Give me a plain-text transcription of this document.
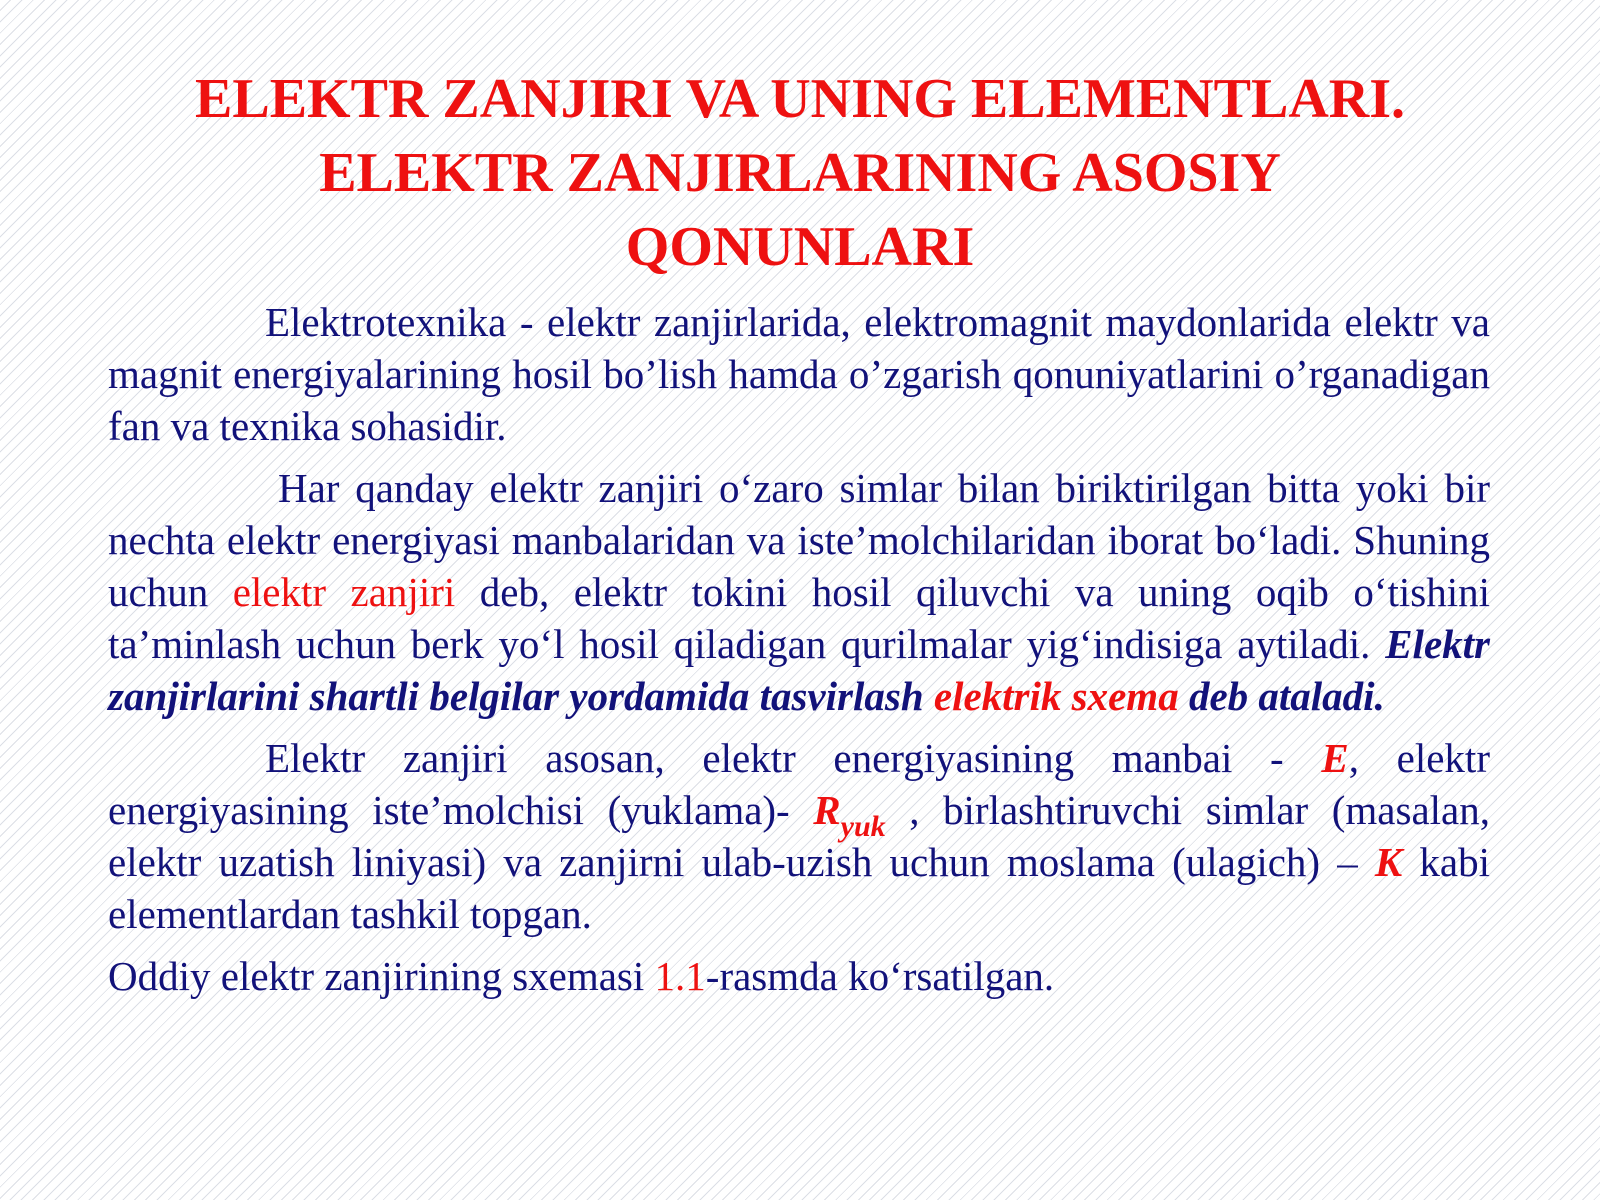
ELEKTR ZANJIRI VA UNING ELEMENTLARI.
ELEKTR ZANJIRLARINING ASOSIY
QONUNLARI

Elektrotexnika - elektr zanjirlarida, elektromagnit maydonlarida elektr va magnit energiyalarining hosil bo’lish hamda o’zgarish qonuniyatlarini o’rganadigan fan va texnika sohasidir.

Har qanday elektr zanjiri o‘zaro simlar bilan biriktirilgan bitta yoki bir nechta elektr energiyasi manbalaridan va iste’molchilaridan iborat bo‘ladi. Shuning uchun elektr zanjiri deb, elektr tokini hosil qiluvchi va uning oqib o‘tishini ta’minlash uchun berk yo‘l hosil qiladigan qurilmalar yig‘indisiga aytiladi. Elektr zanjirlarini shartli belgilar yordamida tasvirlash elektrik sxema deb ataladi.

Elektr zanjiri asosan, elektr energiyasining manbai - E, elektr energiyasining iste’molchisi (yuklama)- $R_{yuk}$ , birlashtiruvchi simlar (masalan, elektr uzatish liniyasi) va zanjirni ulab-uzish uchun moslama (ulagich) – K kabi elementlardan tashkil topgan.

Oddiy elektr zanjirining sxemasi 1.1-rasmda ko‘rsatilgan.
